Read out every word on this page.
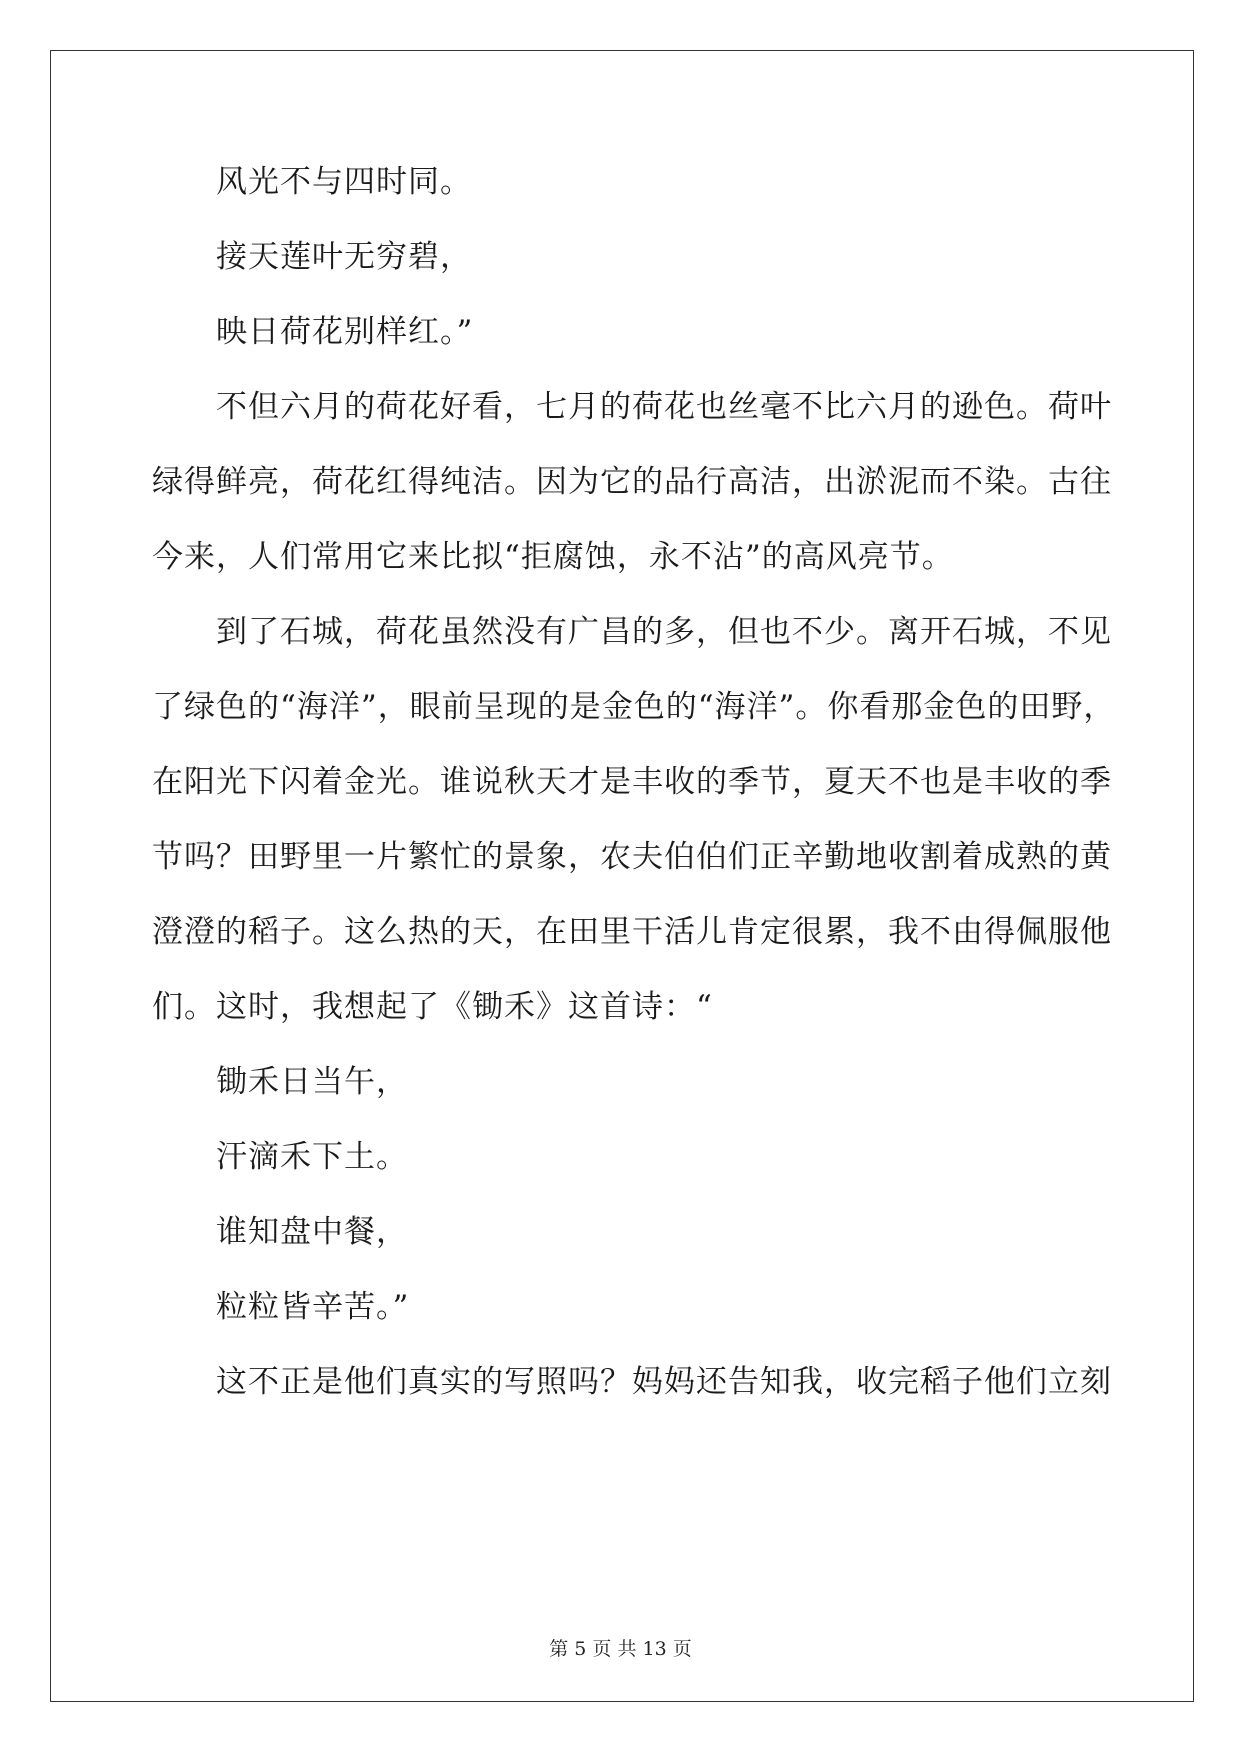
风光不与四时同。
接天莲叶无穷碧，
映日荷花别样红。”
不但六月的荷花好看，七月的荷花也丝毫不比六月的逊色。荷叶
绿得鲜亮，荷花红得纯洁。因为它的品行高洁，出淤泥而不染。古往
今来，人们常用它来比拟“拒腐蚀，永不沾”的高风亮节。
到了石城，荷花虽然没有广昌的多，但也不少。离开石城，不见
了绿色的“海洋”，眼前呈现的是金色的“海洋”。你看那金色的田野，
在阳光下闪着金光。谁说秋天才是丰收的季节，夏天不也是丰收的季
节吗？田野里一片繁忙的景象，农夫伯伯们正辛勤地收割着成熟的黄
澄澄的稻子。这么热的天，在田里干活儿肯定很累，我不由得佩服他
们。这时，我想起了《锄禾》这首诗：“
锄禾日当午，
汗滴禾下土。
谁知盘中餐，
粒粒皆辛苦。”
这不正是他们真实的写照吗？妈妈还告知我，收完稻子他们立刻
第 5 页 共 13 页
